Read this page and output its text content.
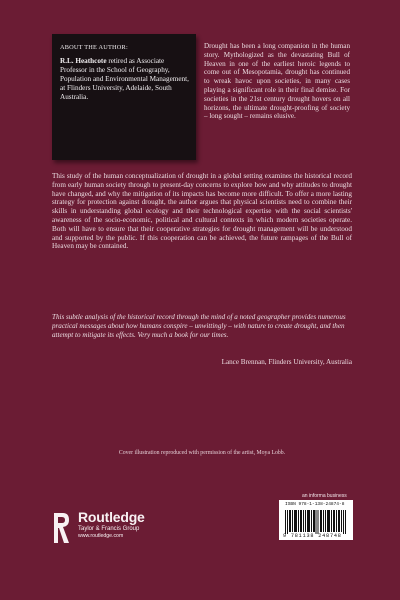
ABOUT THE AUTHOR:
R.L. Heathcote retired as Associate Professor in the School of Geography, Population and Environmental Management, at Flinders University, Adelaide, South Australia.
Drought has been a long companion in the human story. Mythologized as the devastating Bull of Heaven in one of the earliest heroic legends to come out of Mesopotamia, drought has continued to wreak havoc upon societies, in many cases playing a significant role in their final demise. For societies in the 21st century drought hovers on all horizons, the ultimate drought-proofing of society – long sought – remains elusive.
This study of the human conceptualization of drought in a global setting examines the historical record from early human society through to present-day concerns to explore how and why attitudes to drought have changed, and why the mitigation of its impacts has become more difficult. To offer a more lasting strategy for protection against drought, the author argues that physical scientists need to combine their skills in understanding global ecology and their technological expertise with the social scientists' awareness of the socio-economic, political and cultural contexts in which modern societies operate. Both will have to ensure that their cooperative strategies for drought management will be understood and supported by the public. If this cooperation can be achieved, the future rampages of the Bull of Heaven may be contained.
This subtle analysis of the historical record through the mind of a noted geographer provides numerous practical messages about how humans conspire – unwittingly – with nature to create drought, and then attempt to mitigate its effects. Very much a book for our times.
Lance Brennan, Flinders University, Australia
Cover illustration reproduced with permission of the artist, Moya Lobb.
an informa business
ISBN 978-1-138-24874-8
9 781138 248748
Routledge
Taylor & Francis Group
www.routledge.com
